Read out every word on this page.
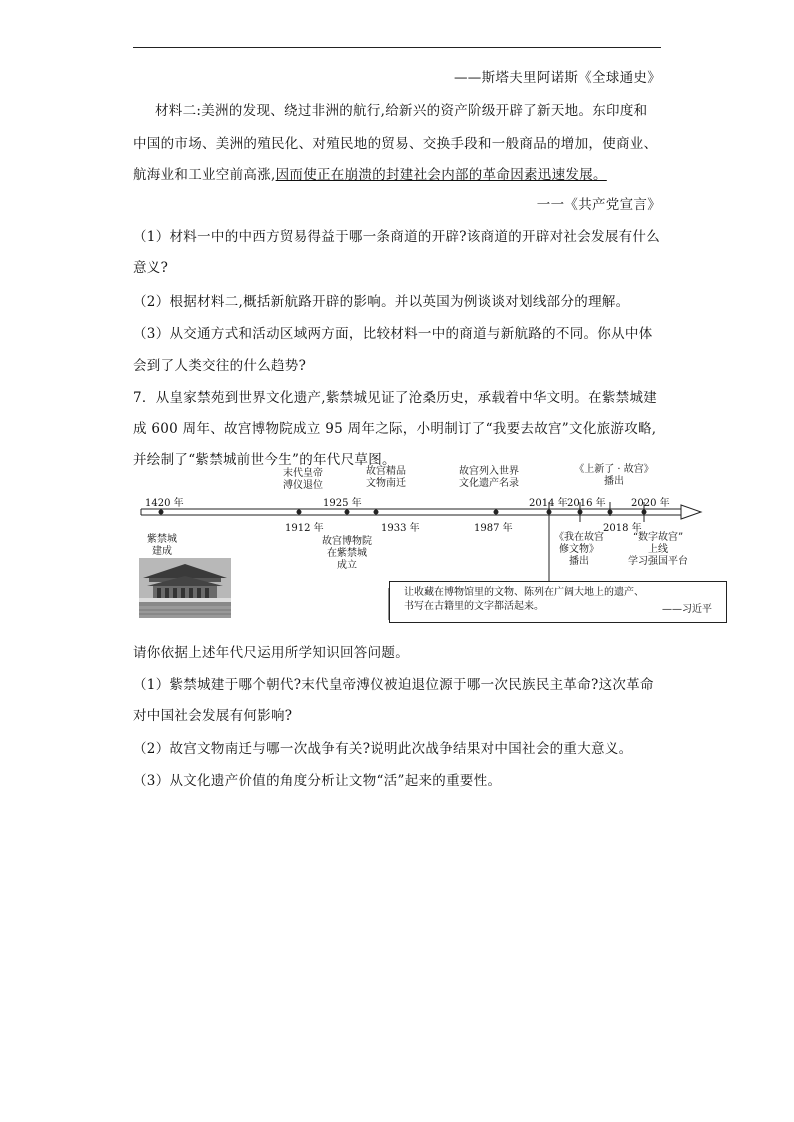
——斯塔夫里阿诺斯《全球通史》
材料二:美洲的发现、绕过非洲的航行,给新兴的资产阶级开辟了新天地。东印度和
中国的市场、美洲的殖民化、对殖民地的贸易、交换手段和一般商品的增加，使商业、
航海业和工业空前高涨,因而使正在崩溃的封建社会内部的革命因素迅速发展。
一一《共产党宣言》
（1）材料一中的中西方贸易得益于哪一条商道的开辟?该商道的开辟对社会发展有什么
意义?
（2）根据材料二,概括新航路开辟的影响。并以英国为例谈谈对划线部分的理解。
（3）从交通方式和活动区域两方面，比较材料一中的商道与新航路的不同。你从中体
会到了人类交往的什么趋势?
7．从皇家禁苑到世界文化遗产,紫禁城见证了沧桑历史，承载着中华文明。在紫禁城建
成 600 周年、故宫博物院成立 95 周年之际，小明制订了“我要去故宫”文化旅游攻略,
并绘制了“紫禁城前世今生”的年代尺草图。
1420 年	1925 年	2014 年 2016 年	2020 年
1912 年	1933 年	1987 年	2018 年
末代皇帝
溥仪退位
故宫精品
文物南迁
故宫列入世界
文化遗产名录
《上新了 · 故宫》
播出
紫禁城
建成
故宫博物院
在紫禁城
成立
《我在故宫
修文物》
播出
“数字故宫”
上线
学习强国平台
让收藏在博物馆里的文物、陈列在广阔大地上的遗产、
书写在古籍里的文字都活起来。	——习近平
请你依据上述年代尺运用所学知识回答问题。
（1）紫禁城建于哪个朝代?末代皇帝溥仪被迫退位源于哪一次民族民主革命?这次革命
对中国社会发展有何影响?
（2）故宫文物南迁与哪一次战争有关?说明此次战争结果对中国社会的重大意义。
（3）从文化遗产价值的角度分析让文物“活”起来的重要性。
